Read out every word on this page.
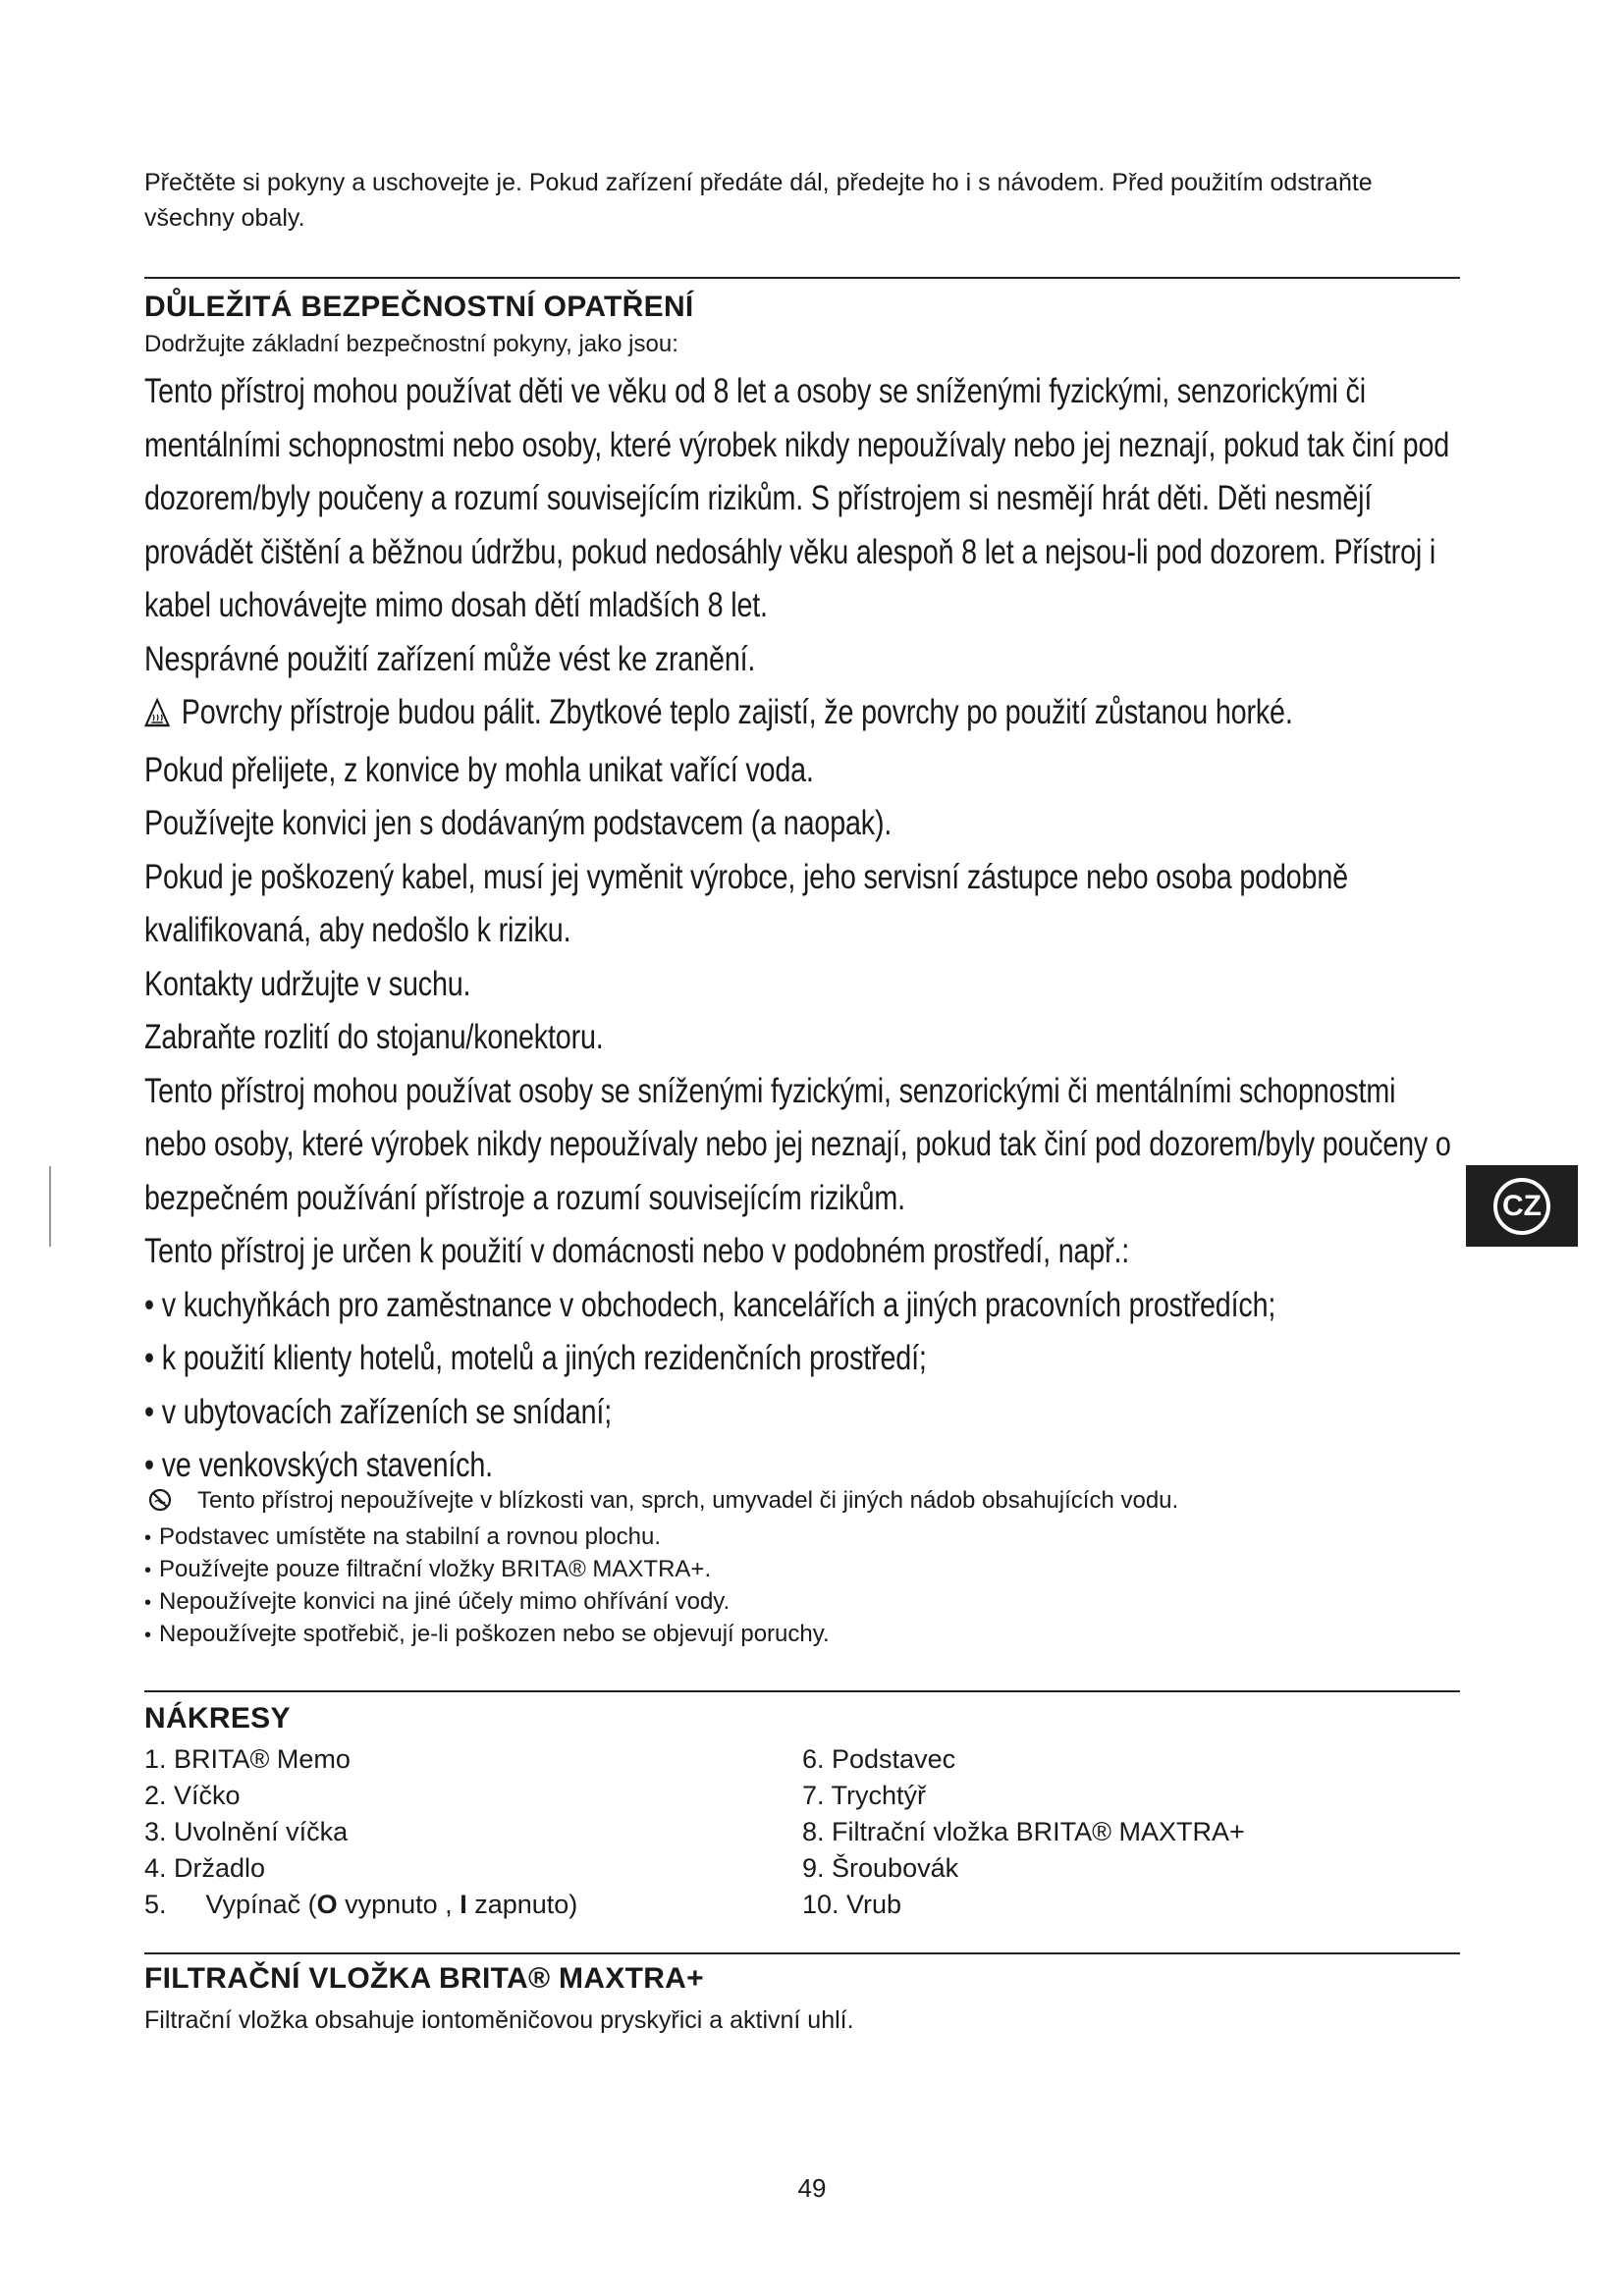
Přečtěte si pokyny a uschovejte je. Pokud zařízení předáte dál, předejte ho i s návodem. Před použitím odstraňte všechny obaly.

DŮLEŽITÁ BEZPEČNOSTNÍ OPATŘENÍ

Dodržujte základní bezpečnostní pokyny, jako jsou:

Tento přístroj mohou používat děti ve věku od 8 let a osoby se sníženými fyzickými, senzorickými či mentálními schopnostmi nebo osoby, které výrobek nikdy nepoužívaly nebo jej neznají, pokud tak činí pod dozorem/byly poučeny a rozumí souvisejícím rizikům. S přístrojem si nesmějí hrát děti. Děti nesmějí provádět čištění a běžnou údržbu, pokud nedosáhly věku alespoň 8 let a nejsou-li pod dozorem. Přístroj i kabel uchovávejte mimo dosah dětí mladších 8 let.

Nesprávné použití zařízení může vést ke zranění.

Povrchy přístroje budou pálit. Zbytkové teplo zajistí, že povrchy po použití zůstanou horké.

Pokud přelijete, z konvice by mohla unikat vařící voda.

Používejte konvici jen s dodávaným podstavcem (a naopak).

Pokud je poškozený kabel, musí jej vyměnit výrobce, jeho servisní zástupce nebo osoba podobně kvalifikovaná, aby nedošlo k riziku.

Kontakty udržujte v suchu.

Zabraňte rozlití do stojanu/konektoru.

Tento přístroj mohou používat osoby se sníženými fyzickými, senzorickými či mentálními schopnostmi nebo osoby, které výrobek nikdy nepoužívaly nebo jej neznají, pokud tak činí pod dozorem/byly poučeny o bezpečném používání přístroje a rozumí souvisejícím rizikům.

Tento přístroj je určen k použití v domácnosti nebo v podobném prostředí, např.:

• v kuchyňkách pro zaměstnance v obchodech, kancelářích a jiných pracovních prostředích;

• k použití klienty hotelů, motelů a jiných rezidenčních prostředí;

• v ubytovacích zařízeních se snídaní;

• ve venkovských staveních.

Tento přístroj nepoužívejte v blízkosti van, sprch, umyvadel či jiných nádob obsahujících vodu.

• Podstavec umístěte na stabilní a rovnou plochu.

• Používejte pouze filtrační vložky BRITA® MAXTRA+.

• Nepoužívejte konvici na jiné účely mimo ohřívání vody.

• Nepoužívejte spotřebič, je-li poškozen nebo se objevují poruchy.

NÁKRESY
1. BRITA® Memo
2. Víčko
3. Uvolnění víčka
4. Držadlo
5. Vypínač (O vypnuto , I zapnuto)
6. Podstavec
7. Trychtýř
8. Filtrační vložka BRITA® MAXTRA+
9. Šroubovák
10. Vrub
FILTRAČNÍ VLOŽKA BRITA® MAXTRA+

Filtrační vložka obsahuje iontoměničovou pryskyřici a aktivní uhlí.

CZ
49
